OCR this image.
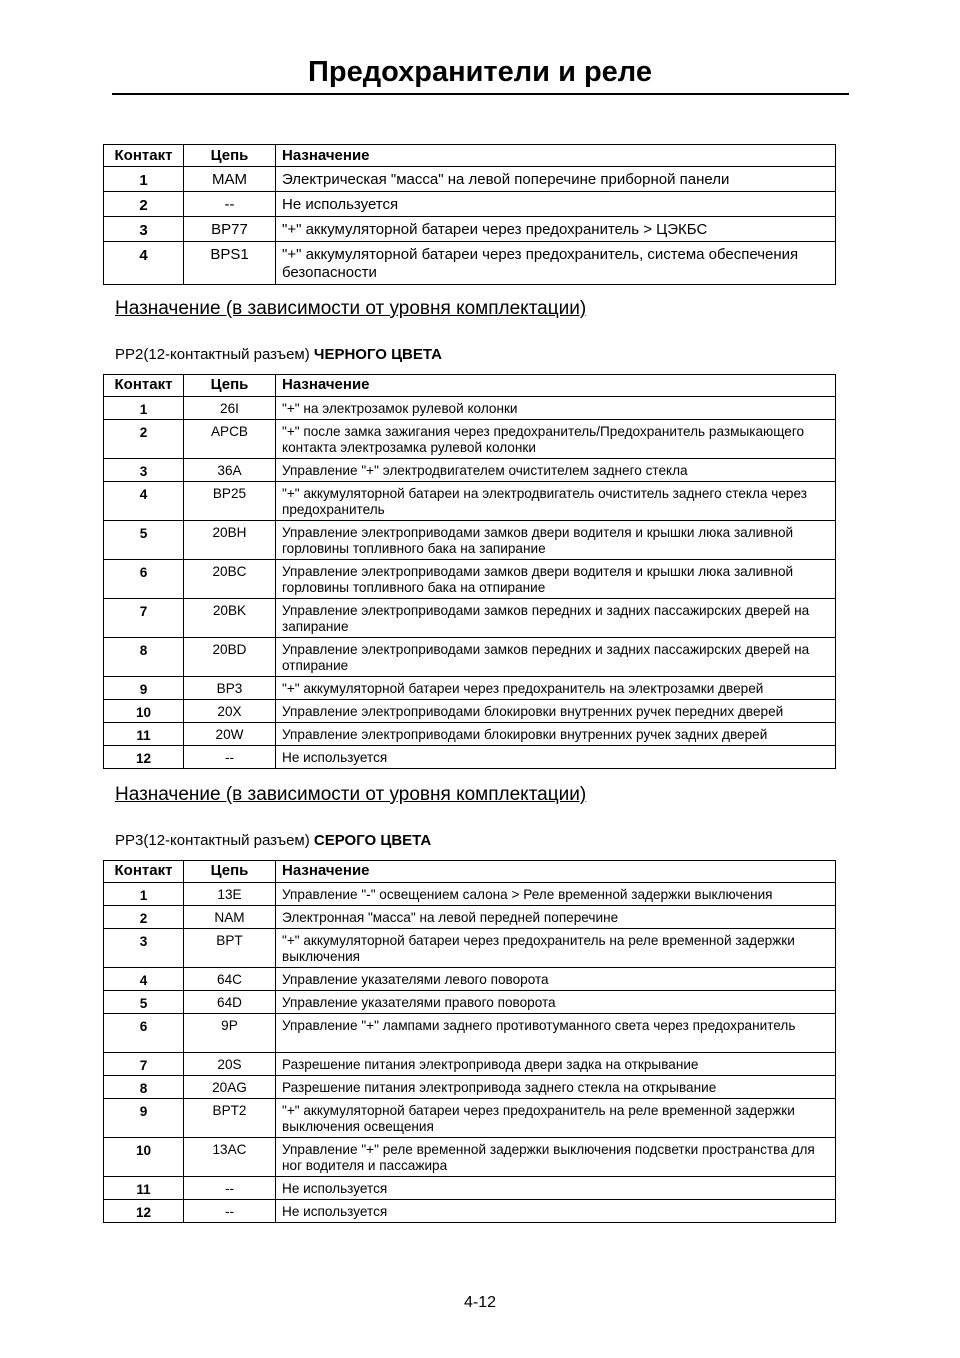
Предохранители и реле
Контакт	Цепь	Назначение
1	MAM	Электрическая "масса" на левой поперечине приборной панели
2	--	Не используется
3	BP77	"+" аккумуляторной батареи через предохранитель > ЦЭКБС
4	BPS1	"+" аккумуляторной батареи через предохранитель, система обеспечения безопасности
Назначение (в зависимости от уровня комплектации)
PP2(12-контактный разъем) ЧЕРНОГО ЦВЕТА
Контакт	Цепь	Назначение
1	26I	"+" на электрозамок рулевой колонки
2	APCB	"+" после замка зажигания через предохранитель/Предохранитель размыкающего контакта электрозамка рулевой колонки
3	36A	Управление "+" электродвигателем очистителем заднего стекла
4	BP25	"+" аккумуляторной батареи на электродвигатель очиститель заднего стекла через предохранитель
5	20BH	Управление электроприводами замков двери водителя и крышки люка заливной горловины топливного бака на запирание
6	20BC	Управление электроприводами замков двери водителя и крышки люка заливной горловины топливного бака на отпирание
7	20BK	Управление электроприводами замков передних и задних пассажирских дверей на запирание
8	20BD	Управление электроприводами замков передних и задних пассажирских дверей на отпирание
9	BP3	"+" аккумуляторной батареи через предохранитель на электрозамки дверей
10	20X	Управление электроприводами блокировки внутренних ручек передних дверей
11	20W	Управление электроприводами блокировки внутренних ручек задних дверей
12	--	Не используется
Назначение (в зависимости от уровня комплектации)
PP3(12-контактный разъем) СЕРОГО ЦВЕТА
Контакт	Цепь	Назначение
1	13E	Управление "-" освещением салона > Реле временной задержки выключения
2	NAM	Электронная "масса" на левой передней поперечине
3	BPT	"+" аккумуляторной батареи через предохранитель на реле временной задержки выключения
4	64C	Управление указателями левого поворота
5	64D	Управление указателями правого поворота
6	9P	Управление "+" лампами заднего противотуманного света через предохранитель
7	20S	Разрешение питания электропривода двери задка на открывание
8	20AG	Разрешение питания электропривода заднего стекла на открывание
9	BPT2	"+" аккумуляторной батареи через предохранитель на реле временной задержки выключения освещения
10	13AC	Управление "+" реле временной задержки выключения подсветки пространства для ног водителя и пассажира
11	--	Не используется
12	--	Не используется
4-12
